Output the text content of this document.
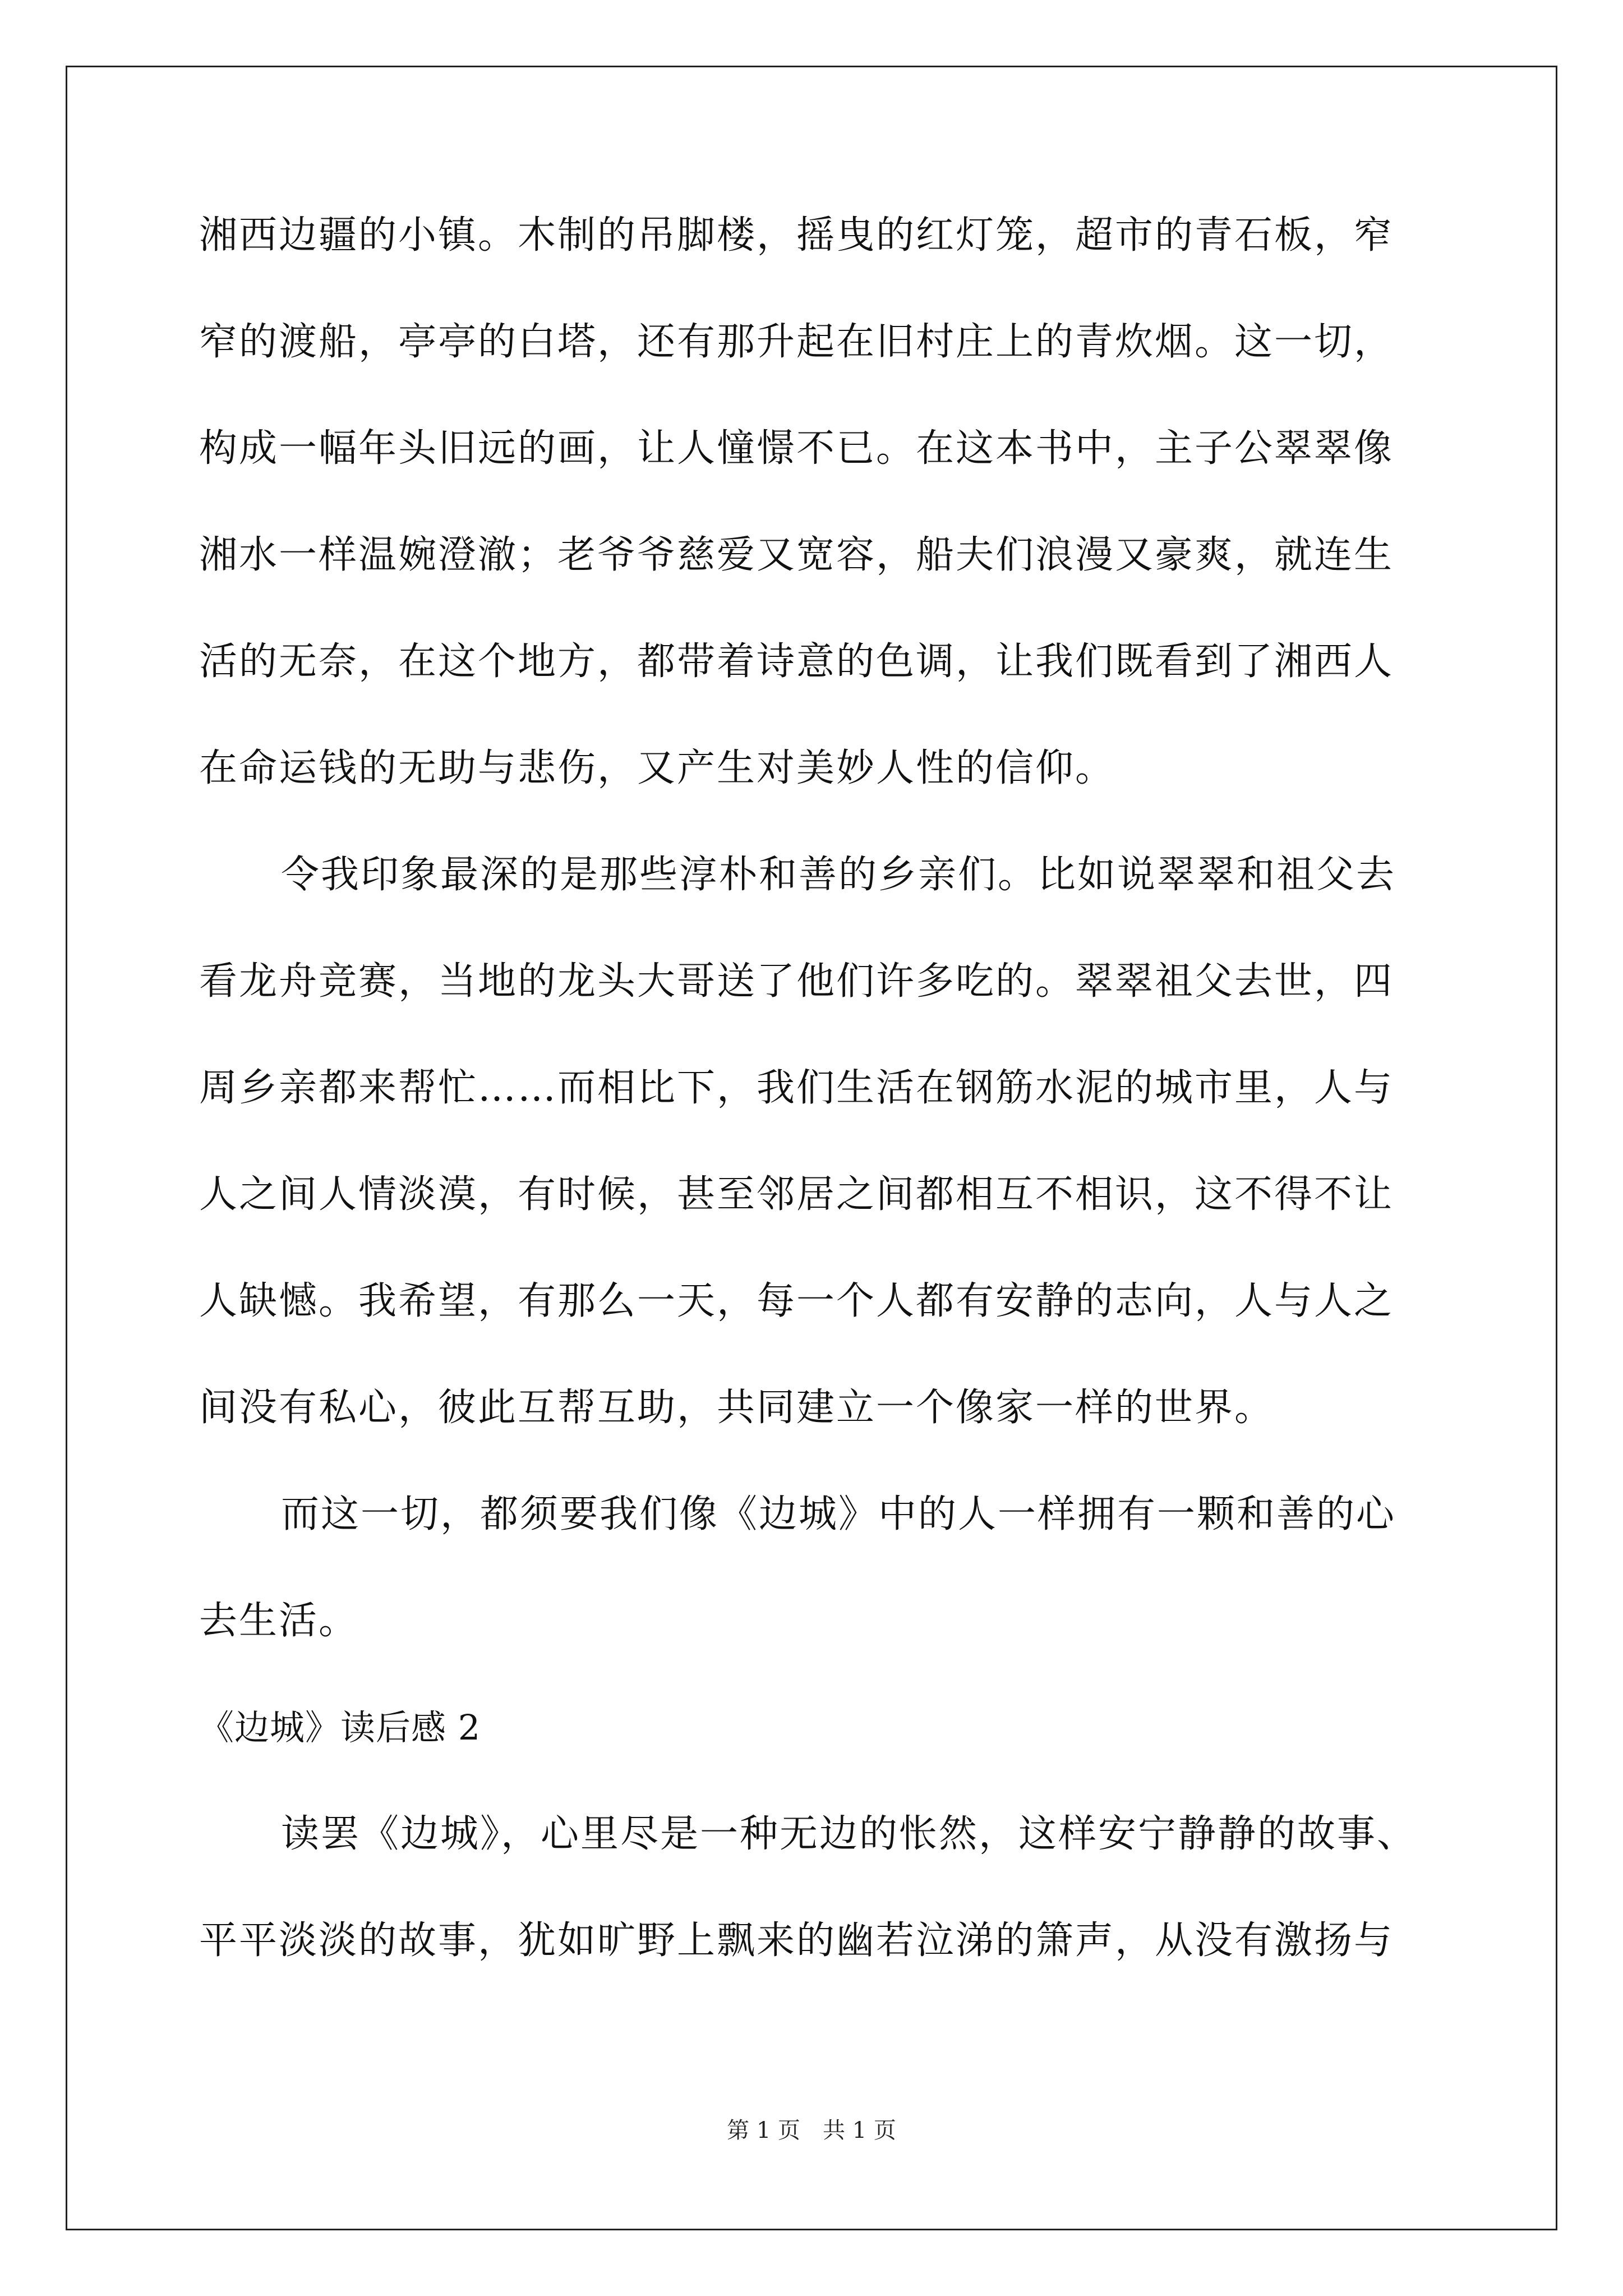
湘西边疆的小镇。木制的吊脚楼，摇曳的红灯笼，超市的青石板，窄
窄的渡船，亭亭的白塔，还有那升起在旧村庄上的青炊烟。这一切，
构成一幅年头旧远的画，让人憧憬不已。在这本书中，主子公翠翠像
湘水一样温婉澄澈；老爷爷慈爱又宽容，船夫们浪漫又豪爽，就连生
活的无奈，在这个地方，都带着诗意的色调，让我们既看到了湘西人
在命运钱的无助与悲伤，又产生对美妙人性的信仰。
令我印象最深的是那些淳朴和善的乡亲们。比如说翠翠和祖父去
看龙舟竞赛，当地的龙头大哥送了他们许多吃的。翠翠祖父去世，四
周乡亲都来帮忙……而相比下，我们生活在钢筋水泥的城市里，人与
人之间人情淡漠，有时候，甚至邻居之间都相互不相识，这不得不让
人缺憾。我希望，有那么一天，每一个人都有安静的志向，人与人之
间没有私心，彼此互帮互助，共同建立一个像家一样的世界。
而这一切，都须要我们像《边城》中的人一样拥有一颗和善的心
去生活。
《边城》读后感 2
读罢《边城》，心里尽是一种无边的怅然，这样安宁静静的故事、
平平淡淡的故事，犹如旷野上飘来的幽若泣涕的箫声，从没有激扬与
第 1 页　共 1 页
